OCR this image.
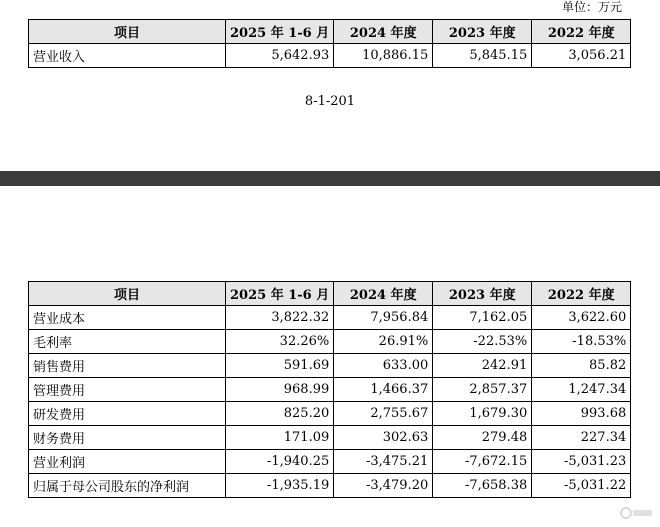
单位：万元
项目	2025 年 1-6 月	2024 年度	2023 年度	2022 年度
营业收入	5,642.93	10,886.15	5,845.15	3,056.21
8-1-201
项目	2025 年 1-6 月	2024 年度	2023 年度	2022 年度
营业成本	3,822.32	7,956.84	7,162.05	3,622.60
毛利率	32.26%	26.91%	-22.53%	-18.53%
销售费用	591.69	633.00	242.91	85.82
管理费用	968.99	1,466.37	2,857.37	1,247.34
研发费用	825.20	2,755.67	1,679.30	993.68
财务费用	171.09	302.63	279.48	227.34
营业利润	-1,940.25	-3,475.21	-7,672.15	-5,031.23
归属于母公司股东的净利润	-1,935.19	-3,479.20	-7,658.38	-5,031.22
